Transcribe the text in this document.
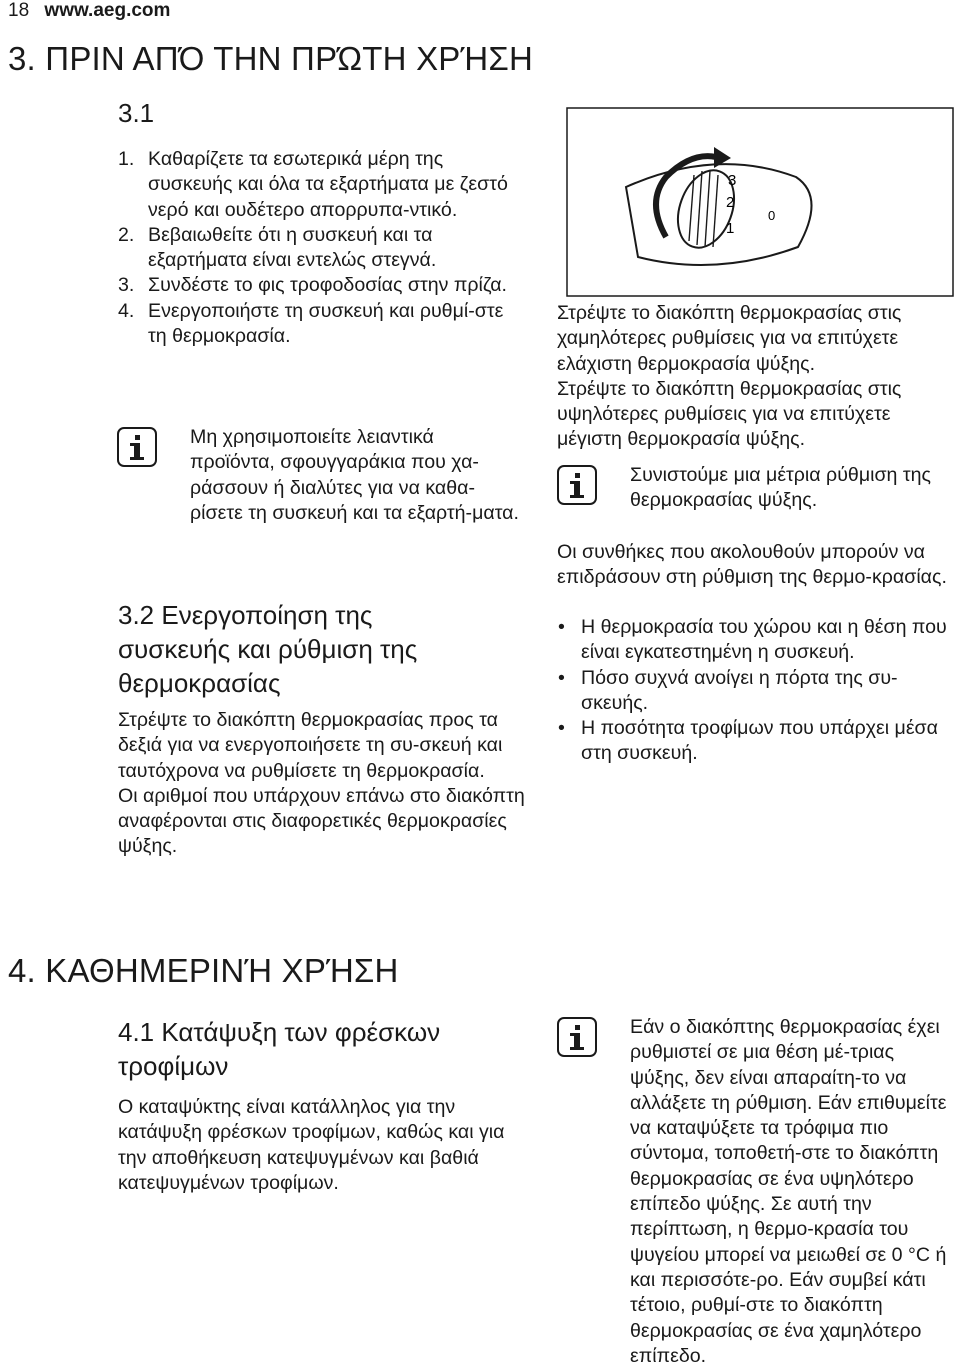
18 www.aeg.com
3. ΠΡΙΝ ΑΠΌ ΤΗΝ ΠΡΏΤΗ ΧΡΉΣΗ
3.1
1. Καθαρίζετε τα εσωτερικά μέρη της συσκευής και όλα τα εξαρτήματα με ζεστό νερό και ουδέτερο απορρυπα-ντικό.
2. Βεβαιωθείτε ότι η συσκευή και τα εξαρτήματα είναι εντελώς στεγνά.
3. Συνδέστε το φις τροφοδοσίας στην πρίζα.
4. Ενεργοποιήστε τη συσκευή και ρυθμί-στε τη θερμοκρασία.

Μη χρησιμοποιείτε λειαντικά προϊόντα, σφουγγαράκια που χα-ράσσουν ή διαλύτες για να καθα-ρίσετε τη συσκευή και τα εξαρτή-ματα.

3.2 Ενεργοποίηση της συσκευής και ρύθμιση της θερμοκρασίας

Στρέψτε το διακόπτη θερμοκρασίας προς τα δεξιά για να ενεργοποιήσετε τη συ-σκευή και ταυτόχρονα να ρυθμίσετε τη θερμοκρασία.

Οι αριθμοί που υπάρχουν επάνω στο διακόπτη αναφέρονται στις διαφορετικές θερμοκρασίες ψύξης.

3
2
1
0

Στρέψτε το διακόπτη θερμοκρασίας στις χαμηλότερες ρυθμίσεις για να επιτύχετε ελάχιστη θερμοκρασία ψύξης.

Στρέψτε το διακόπτη θερμοκρασίας στις υψηλότερες ρυθμίσεις για να επιτύχετε μέγιστη θερμοκρασία ψύξης.

Συνιστούμε μια μέτρια ρύθμιση της θερμοκρασίας ψύξης.

Οι συνθήκες που ακολουθούν μπορούν να επιδράσουν στη ρύθμιση της θερμο-κρασίας.

• Η θερμοκρασία του χώρου και η θέση που είναι εγκατεστημένη η συσκευή.
• Πόσο συχνά ανοίγει η πόρτα της συ-σκευής.
• Η ποσότητα τροφίμων που υπάρχει μέσα στη συσκευή.
4. ΚΑΘΗΜΕΡΙΝΉ ΧΡΉΣΗ
4.1 Κατάψυξη των φρέσκων τροφίμων

Ο καταψύκτης είναι κατάλληλος για την κατάψυξη φρέσκων τροφίμων, καθώς και για την αποθήκευση κατεψυγμένων και βαθιά κατεψυγμένων τροφίμων.

Εάν ο διακόπτης θερμοκρασίας έχει ρυθμιστεί σε μια θέση μέ-τριας ψύξης, δεν είναι απαραίτη-το να αλλάξετε τη ρύθμιση. Εάν επιθυμείτε να καταψύξετε τα τρόφιμα πιο σύντομα, τοποθετή-στε το διακόπτη θερμοκρασίας σε ένα υψηλότερο επίπεδο ψύξης. Σε αυτή την περίπτωση, η θερμο-κρασία του ψυγείου μπορεί να μειωθεί σε 0 °C ή και περισσότε-ρο. Εάν συμβεί κάτι τέτοιο, ρυθμί-στε το διακόπτη θερμοκρασίας σε ένα χαμηλότερο επίπεδο.
